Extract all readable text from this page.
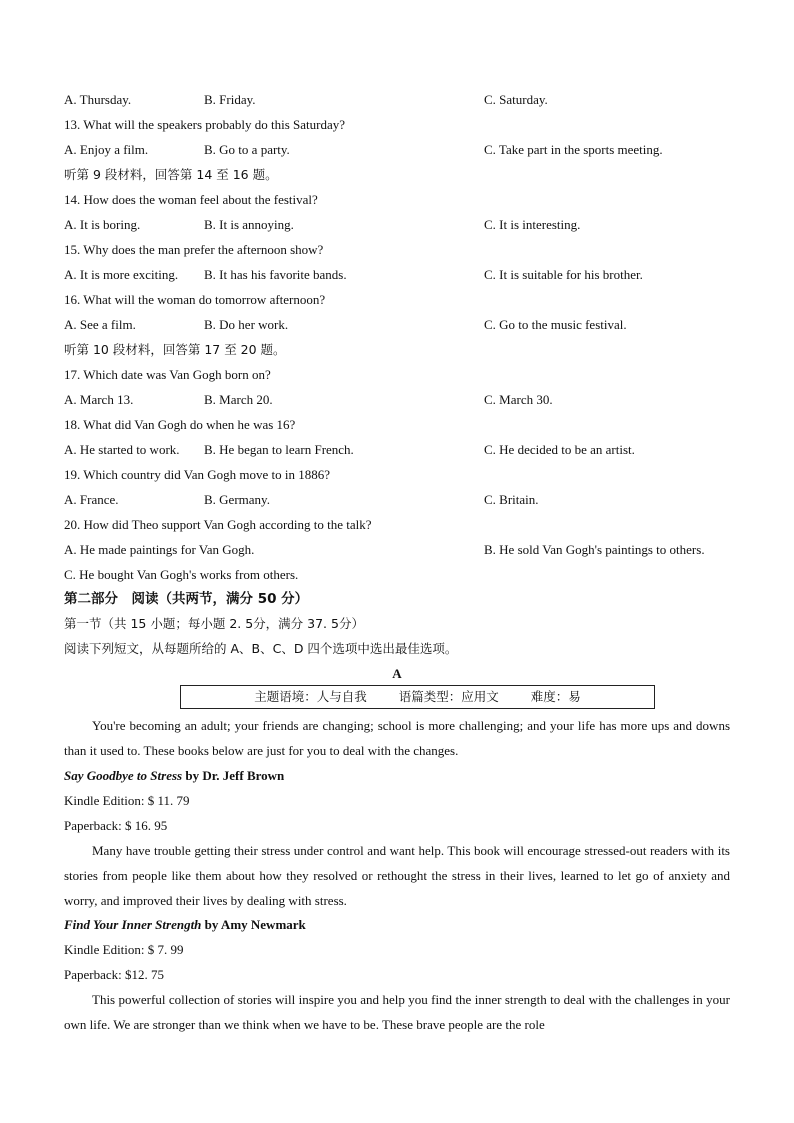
A. Thursday.	B. Friday.	C. Saturday.
13. What will the speakers probably do this Saturday?
A. Enjoy a film.	B. Go to a party.	C. Take part in the sports meeting.
听第 9 段材料，回答第 14 至 16 题。
14. How does the woman feel about the festival?
A. It is boring.	B. It is annoying.	C. It is interesting.
15. Why does the man prefer the afternoon show?
A. It is more exciting. B. It has his favorite bands.	C. It is suitable for his brother.
16. What will the woman do tomorrow afternoon?
A. See a film.	B. Do her work.	C. Go to the music festival.
听第 10 段材料，回答第 17 至 20 题。
17. Which date was Van Gogh born on?
A. March 13.	B. March 20.	C. March 30.
18. What did Van Gogh do when he was 16?
A. He started to work. B. He began to learn French.	C. He decided to be an artist.
19. Which country did Van Gogh move to in 1886?
A. France.	B. Germany.	C. Britain.
20. How did Theo support Van Gogh according to the talk?
A. He made paintings for Van Gogh.	B. He sold Van Gogh's paintings to others.
C. He bought Van Gogh's works from others.
第二部分　阅读（共两节，满分 50 分）
第一节（共 15 小题；每小题 2. 5分，满分 37. 5分）
阅读下列短文，从每题所给的 A、B、C、D 四个选项中选出最佳选项。
A
主题语境：人与自我	语篇类型：应用文	难度：易
You're becoming an adult; your friends are changing; school is more challenging; and your life has more ups and downs than it used to. These books below are just for you to deal with the changes.
Say Goodbye to Stress by Dr. Jeff Brown
Kindle Edition: $ 11. 79
Paperback: $ 16. 95
Many have trouble getting their stress under control and want help. This book will encourage stressed-out readers with its stories from people like them about how they resolved or rethought the stress in their lives, learned to let go of anxiety and worry, and improved their lives by dealing with stress.
Find Your Inner Strength by Amy Newmark
Kindle Edition: $ 7. 99
Paperback: $12. 75
This powerful collection of stories will inspire you and help you find the inner strength to deal with the challenges in your own life. We are stronger than we think when we have to be. These brave people are the role
